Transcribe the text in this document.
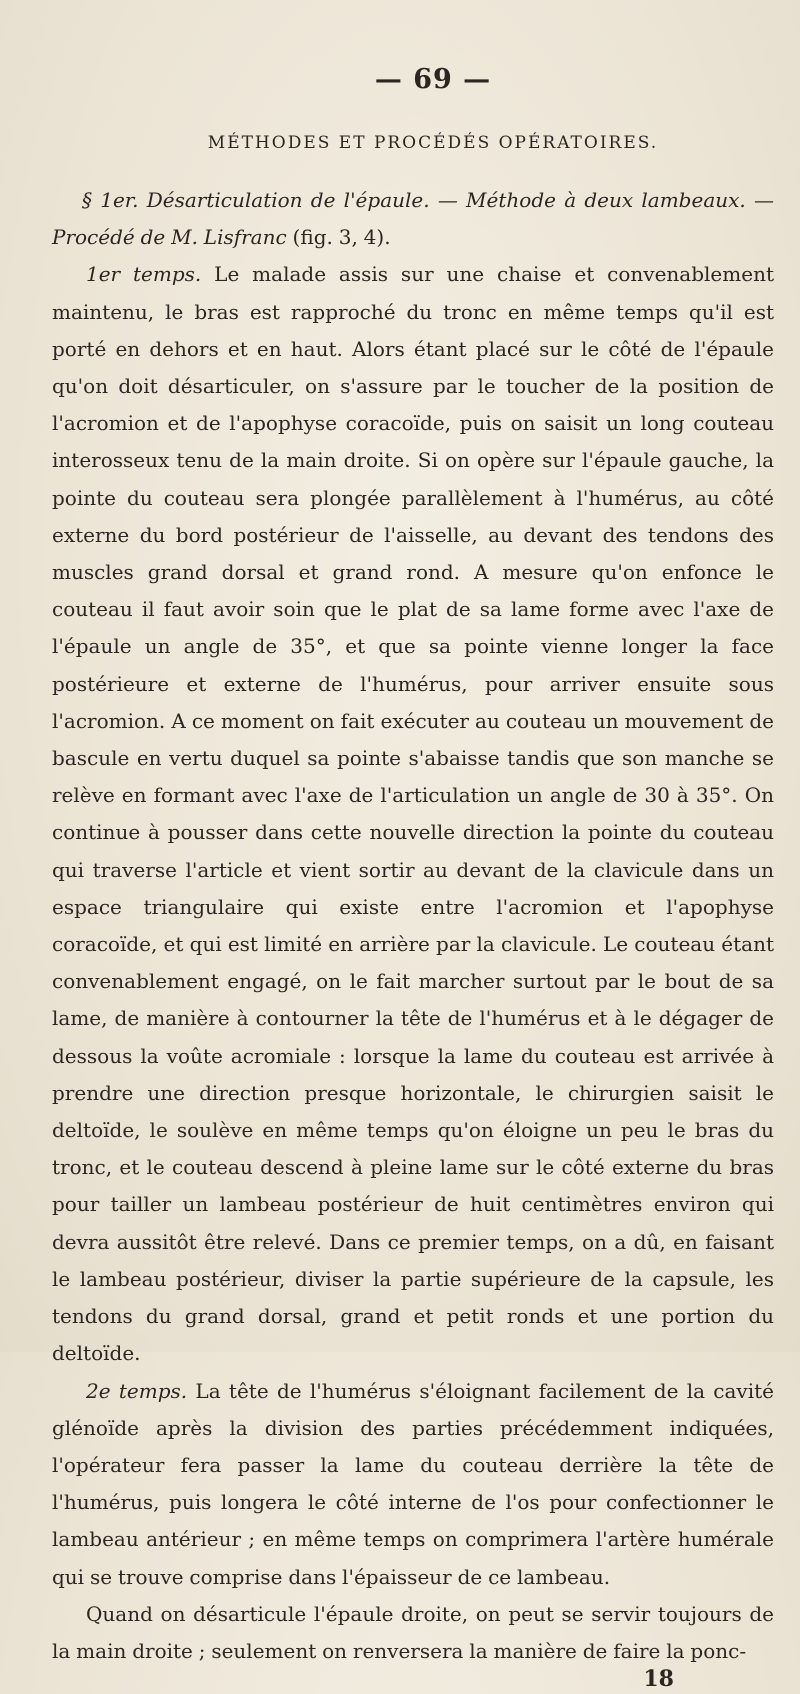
— 69 —
MÉTHODES ET PROCÉDÉS OPÉRATOIRES.

§ 1er. Désarticulation de l'épaule. — Méthode à deux lambeaux. — Procédé de M. Lisfranc (fig. 3, 4).

1er temps. Le malade assis sur une chaise et convenablement maintenu, le bras est rapproché du tronc en même temps qu'il est porté en dehors et en haut. Alors étant placé sur le côté de l'épaule qu'on doit désarticuler, on s'assure par le toucher de la position de l'acromion et de l'apophyse coracoïde, puis on saisit un long couteau interosseux tenu de la main droite. Si on opère sur l'épaule gauche, la pointe du couteau sera plongée parallèlement à l'humérus, au côté externe du bord postérieur de l'aisselle, au devant des tendons des muscles grand dorsal et grand rond. A mesure qu'on enfonce le couteau il faut avoir soin que le plat de sa lame forme avec l'axe de l'épaule un angle de 35°, et que sa pointe vienne longer la face postérieure et externe de l'humérus, pour arriver ensuite sous l'acromion. A ce moment on fait exécuter au couteau un mouvement de bascule en vertu duquel sa pointe s'abaisse tandis que son manche se relève en formant avec l'axe de l'articulation un angle de 30 à 35°. On continue à pousser dans cette nouvelle direction la pointe du couteau qui traverse l'article et vient sortir au devant de la clavicule dans un espace triangulaire qui existe entre l'acromion et l'apophyse coracoïde, et qui est limité en arrière par la clavicule. Le couteau étant convenablement engagé, on le fait marcher surtout par le bout de sa lame, de manière à contourner la tête de l'humérus et à le dégager de dessous la voûte acromiale : lorsque la lame du couteau est arrivée à prendre une direction presque horizontale, le chirurgien saisit le deltoïde, le soulève en même temps qu'on éloigne un peu le bras du tronc, et le couteau descend à pleine lame sur le côté externe du bras pour tailler un lambeau postérieur de huit centimètres environ qui devra aussitôt être relevé. Dans ce premier temps, on a dû, en faisant le lambeau postérieur, diviser la partie supérieure de la capsule, les tendons du grand dorsal, grand et petit ronds et une portion du deltoïde.

2e temps. La tête de l'humérus s'éloignant facilement de la cavité glénoïde après la division des parties précédemment indiquées, l'opérateur fera passer la lame du couteau derrière la tête de l'humérus, puis longera le côté interne de l'os pour confectionner le lambeau antérieur ; en même temps on comprimera l'artère humérale qui se trouve comprise dans l'épaisseur de ce lambeau.

Quand on désarticule l'épaule droite, on peut se servir toujours de la main droite ; seulement on renversera la manière de faire la ponc-

18
